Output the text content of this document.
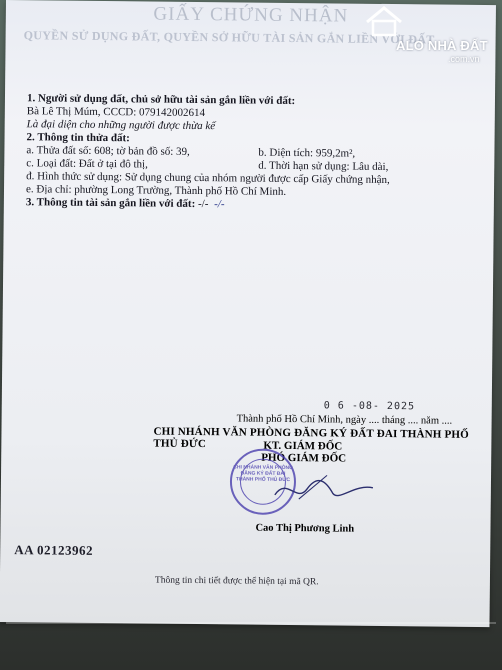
GIẤY CHỨNG NHẬN
QUYỀN SỬ DỤNG ĐẤT, QUYỀN SỞ HỮU TÀI SẢN GẮN LIỀN VỚI ĐẤT
1. Người sử dụng đất, chủ sở hữu tài sản gắn liền với đất:
Bà Lê Thị Múm, CCCD: 079142002614
Là đại diện cho những người được thừa kế
2. Thông tin thửa đất:
a. Thửa đất số: 608; tờ bản đồ số: 39,	b. Diện tích: 959,2m²,
c. Loại đất: Đất ở tại đô thị,	d. Thời hạn sử dụng: Lâu dài,
đ. Hình thức sử dụng: Sử dụng chung của nhóm người được cấp Giấy chứng nhận,
e. Địa chỉ: phường Long Trường, Thành phố Hồ Chí Minh.
3. Thông tin tài sản gắn liền với đất: -/- -/-
0 6 -08- 2025
Thành phố Hồ Chí Minh, ngày .... tháng .... năm ....
CHI NHÁNH VĂN PHÒNG ĐĂNG KÝ ĐẤT ĐAI THÀNH PHỐ THỦ ĐỨC	KT. GIÁM ĐỐC
PHÓ GIÁM ĐỐC
CHI NHÁNH VĂN PHÒNG ĐĂNG KÝ ĐẤT ĐAI THÀNH PHỐ THỦ ĐỨC
Cao Thị Phương Linh
AA 02123962
Thông tin chi tiết được thể hiện tại mã QR.
ALO NHÀ ĐẤT
.com.vn
